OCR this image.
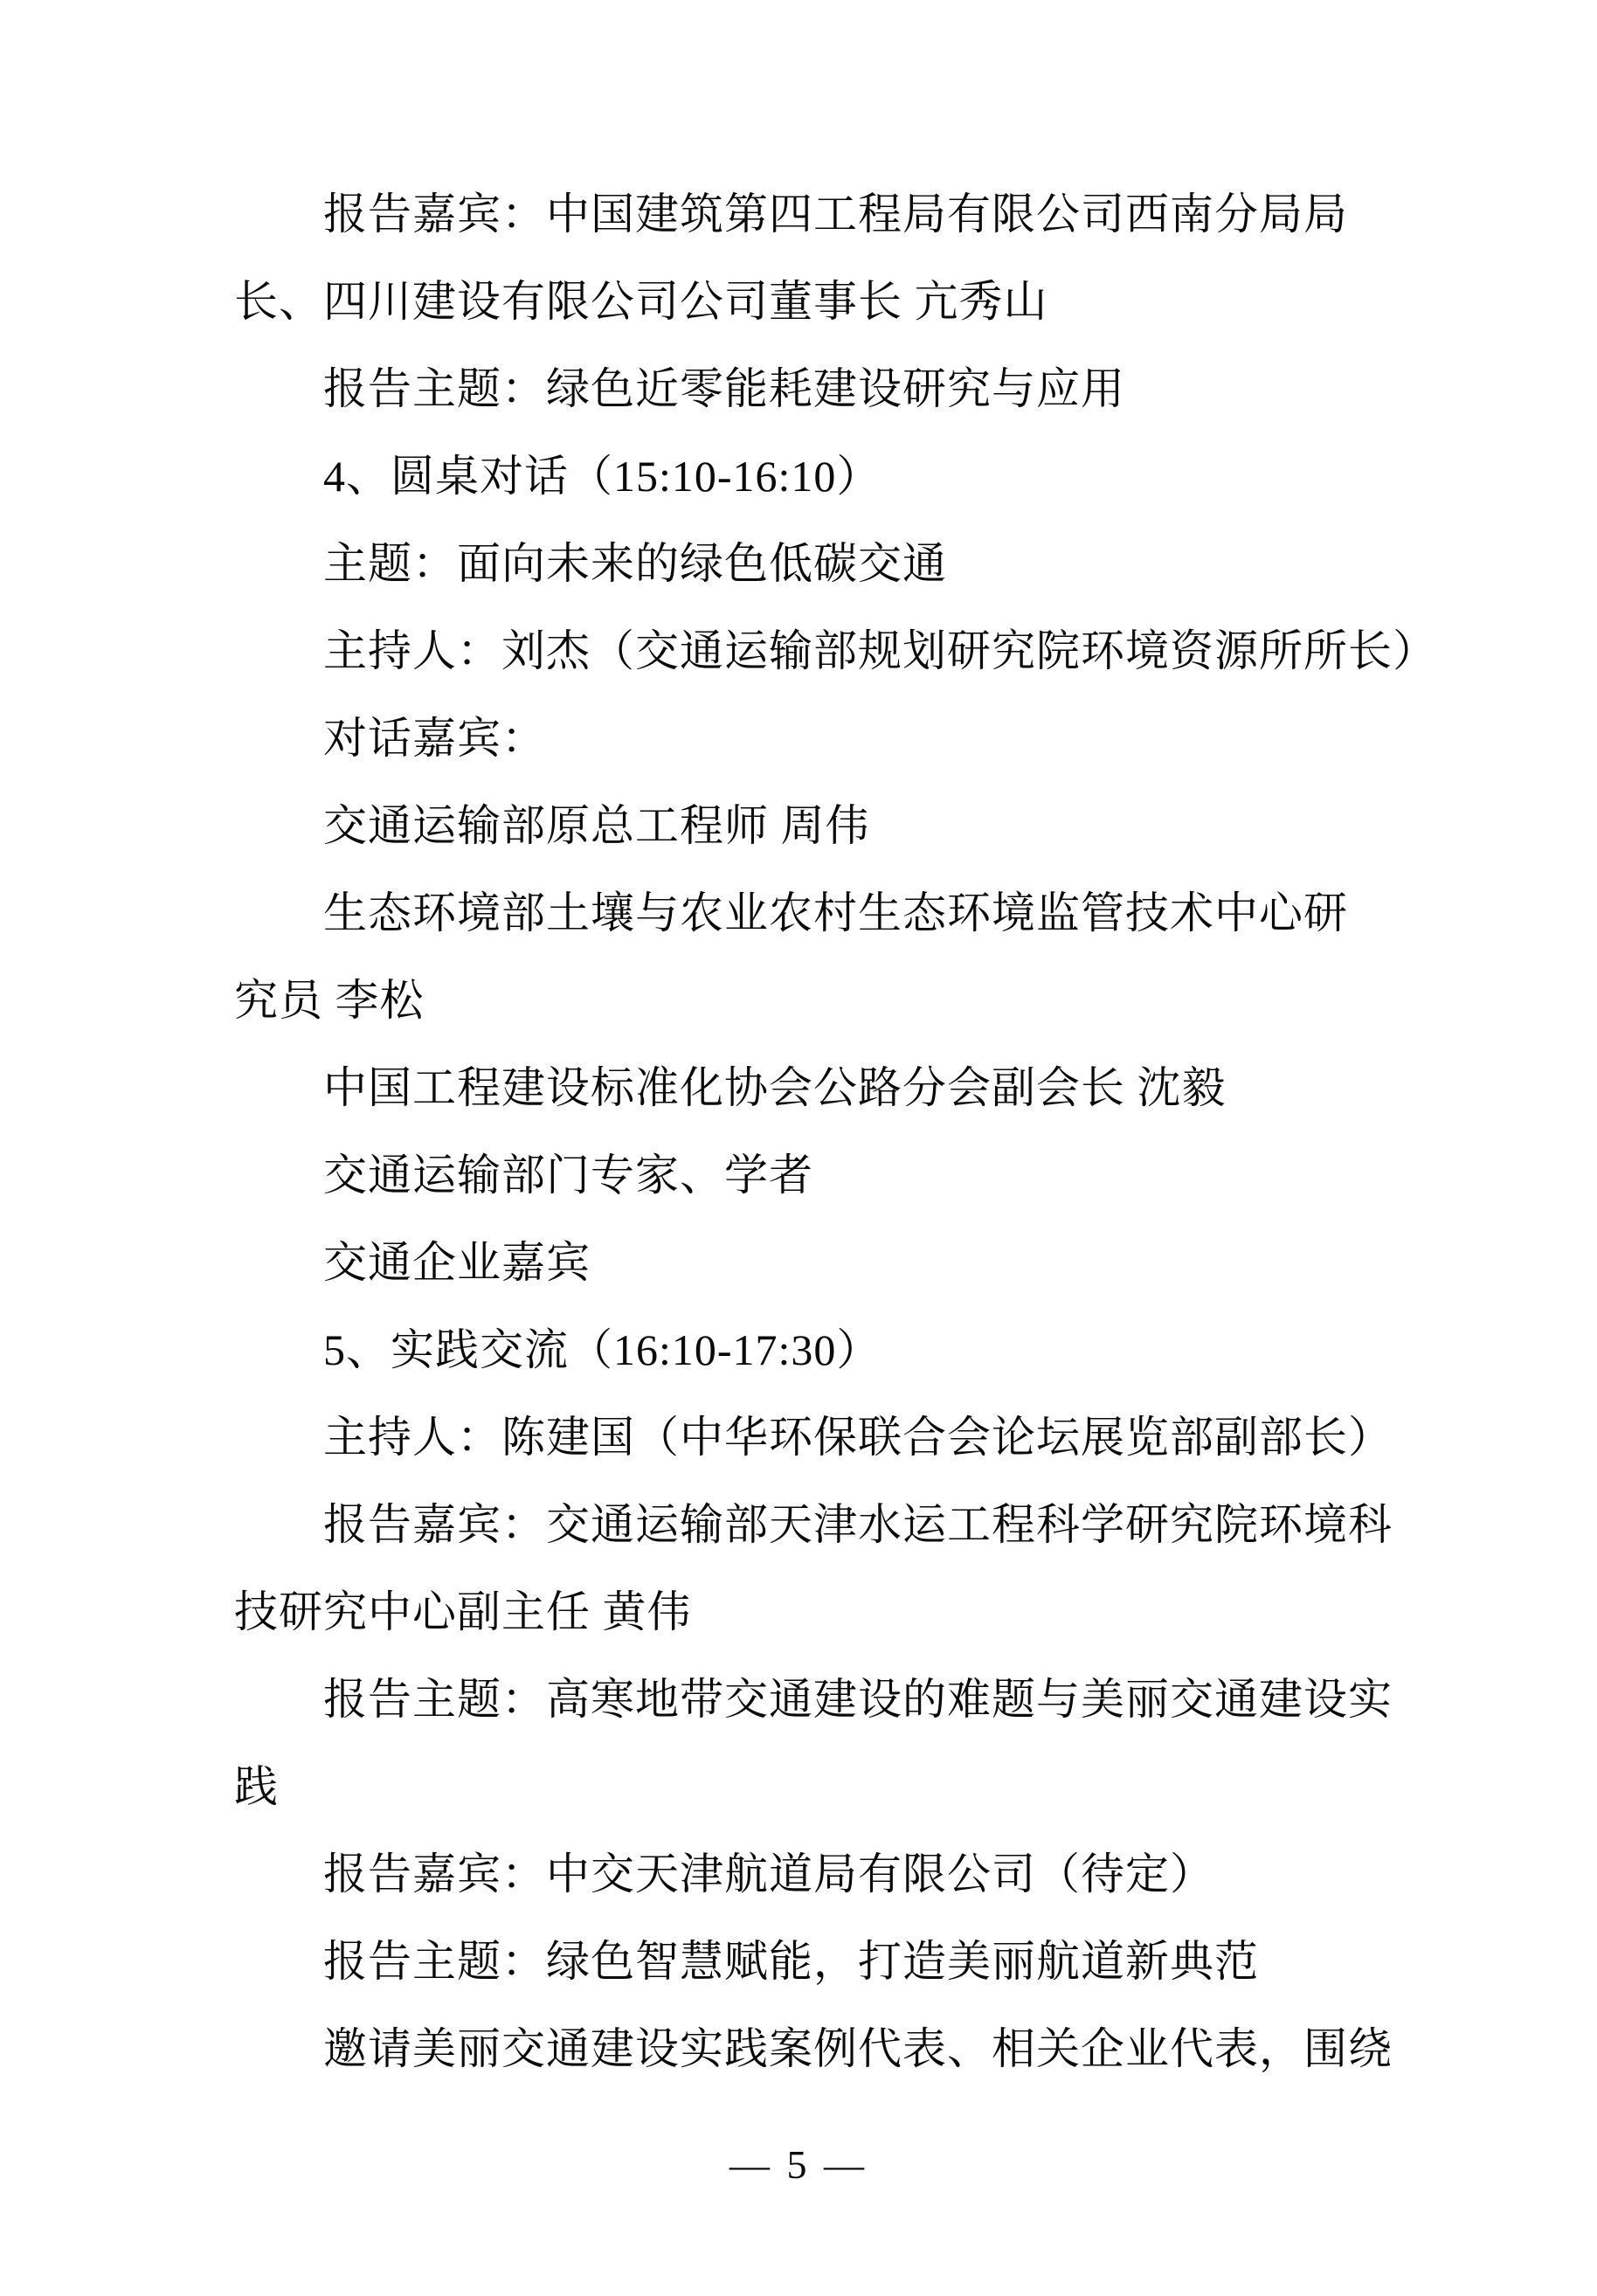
报告嘉宾：中国建筑第四工程局有限公司西南分局局
长、四川建设有限公司公司董事长 亢秀山
报告主题：绿色近零能耗建设研究与应用
4、圆桌对话（15:10-16:10）
主题：面向未来的绿色低碳交通
主持人：刘杰（交通运输部规划研究院环境资源所所长）
对话嘉宾：
交通运输部原总工程师 周伟
生态环境部土壤与农业农村生态环境监管技术中心研
究员 李松
中国工程建设标准化协会公路分会副会长 沈毅
交通运输部门专家、学者
交通企业嘉宾
5、实践交流（16:10-17:30）
主持人：陈建国（中华环保联合会论坛展览部副部长）
报告嘉宾：交通运输部天津水运工程科学研究院环境科
技研究中心副主任 黄伟
报告主题：高寒地带交通建设的难题与美丽交通建设实
践
报告嘉宾：中交天津航道局有限公司（待定）
报告主题：绿色智慧赋能，打造美丽航道新典范
邀请美丽交通建设实践案例代表、相关企业代表，围绕
— 5 —
